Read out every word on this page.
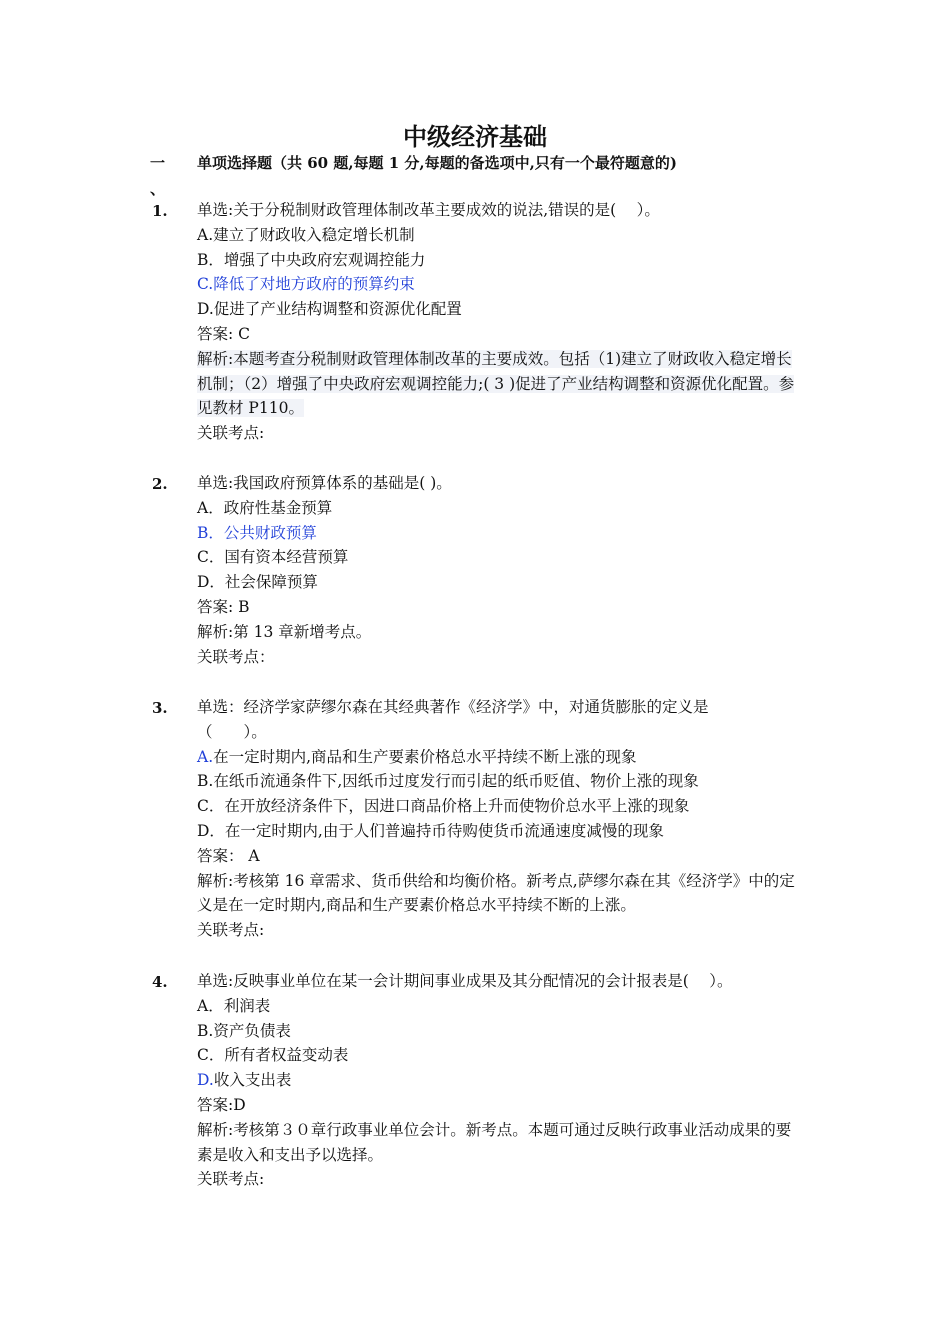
中级经济基础
一
、
单项选择题（共 60 题,每题 1 分,每题的备选项中,只有一个最符题意的)
1.	单选:关于分税制财政管理体制改革主要成效的说法,错误的是(　 ）。
A.建立了财政收入稳定增长机制
B．增强了中央政府宏观调控能力
C.降低了对地方政府的预算约束
D.促进了产业结构调整和资源优化配置
答案: C
解析:本题考查分税制财政管理体制改革的主要成效。包括（1)建立了财政收入稳定增长机制；（2）增强了中央政府宏观调控能力;( 3 )促进了产业结构调整和资源优化配置。参见教材 P110。
关联考点:
2.	单选:我国政府预算体系的基础是( )。
A．政府性基金预算
B．公共财政预算
C．国有资本经营预算
D．社会保障预算
答案: B
解析:第 13 章新增考点。
关联考点：
3.	单选：经济学家萨缪尔森在其经典著作《经济学》中，对通货膨胀的定义是（　　）。
A.在一定时期内,商品和生产要素价格总水平持续不断上涨的现象
B.在纸币流通条件下,因纸币过度发行而引起的纸币贬值、物价上涨的现象
C．在开放经济条件下，因进口商品价格上升而使物价总水平上涨的现象
D．在一定时期内,由于人们普遍持币待购使货币流通速度减慢的现象
答案： A
解析:考核第 16 章需求、货币供给和均衡价格。新考点,萨缪尔森在其《经济学》中的定义是在一定时期内,商品和生产要素价格总水平持续不断的上涨。
关联考点:
4.	单选:反映事业单位在某一会计期间事业成果及其分配情况的会计报表是(　 ）。
A．利润表
B.资产负债表
C．所有者权益变动表
D.收入支出表
答案:D
解析:考核第３０章行政事业单位会计。新考点。本题可通过反映行政事业活动成果的要素是收入和支出予以选择。
关联考点:
